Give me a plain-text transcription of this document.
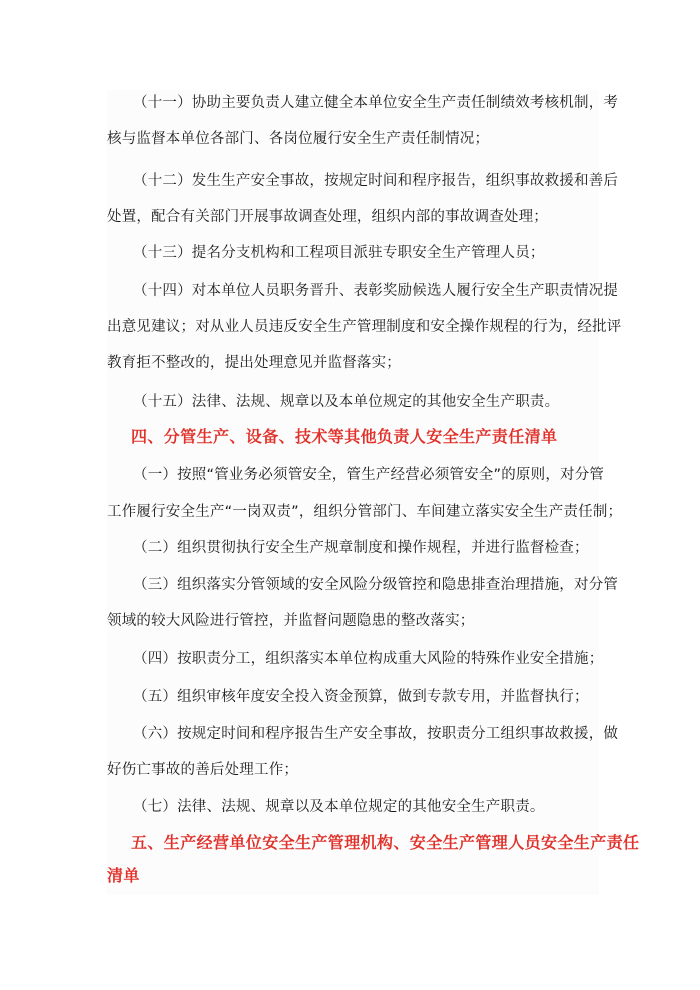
（十一）协助主要负责人建立健全本单位安全生产责任制绩效考核机制，考
核与监督本单位各部门、各岗位履行安全生产责任制情况；
（十二）发生生产安全事故，按规定时间和程序报告，组织事故救援和善后
处置，配合有关部门开展事故调查处理，组织内部的事故调查处理；
（十三）提名分支机构和工程项目派驻专职安全生产管理人员；
（十四）对本单位人员职务晋升、表彰奖励候选人履行安全生产职责情况提
出意见建议；对从业人员违反安全生产管理制度和安全操作规程的行为，经批评
教育拒不整改的，提出处理意见并监督落实；
（十五）法律、法规、规章以及本单位规定的其他安全生产职责。
四、分管生产、设备、技术等其他负责人安全生产责任清单
（一）按照“管业务必须管安全，管生产经营必须管安全”的原则，对分管
工作履行安全生产“一岗双责”，组织分管部门、车间建立落实安全生产责任制；
（二）组织贯彻执行安全生产规章制度和操作规程，并进行监督检查；
（三）组织落实分管领域的安全风险分级管控和隐患排查治理措施，对分管
领域的较大风险进行管控，并监督问题隐患的整改落实；
（四）按职责分工，组织落实本单位构成重大风险的特殊作业安全措施；
（五）组织审核年度安全投入资金预算，做到专款专用，并监督执行；
（六）按规定时间和程序报告生产安全事故，按职责分工组织事故救援，做
好伤亡事故的善后处理工作；
（七）法律、法规、规章以及本单位规定的其他安全生产职责。
五、生产经营单位安全生产管理机构、安全生产管理人员安全生产责任
清单
